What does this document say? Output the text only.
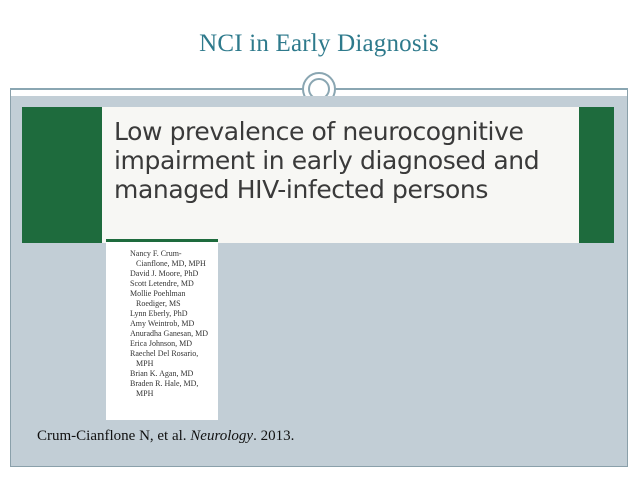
NCI in Early Diagnosis
Low prevalence of neurocognitive impairment in early diagnosed and managed HIV-infected persons
Nancy F. Crum-
Cianflone, MD, MPH
David J. Moore, PhD
Scott Letendre, MD
Mollie Poehlman
Roediger, MS
Lynn Eberly, PhD
Amy Weintrob, MD
Anuradha Ganesan, MD
Erica Johnson, MD
Raechel Del Rosario,
MPH
Brian K. Agan, MD
Braden R. Hale, MD,
MPH
Crum-Cianflone N, et al. Neurology. 2013.
